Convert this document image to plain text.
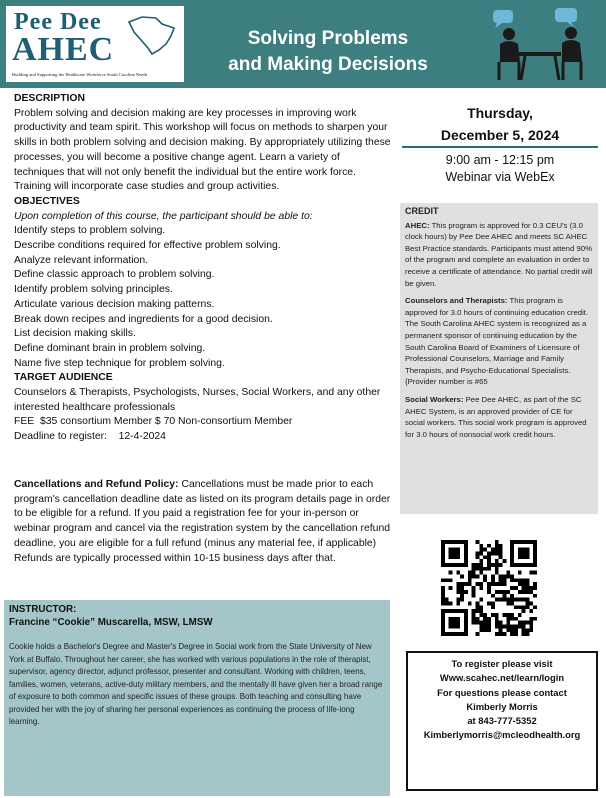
Pee Dee
AHEC
Building and Supporting the Healthcare Workforce South Carolina Needs
Solving Problems
and Making Decisions
DESCRIPTION

Problem solving and decision making are key processes in improving work productivity and team spirit. This workshop will focus on methods to sharpen your skills in both problem solving and decision making. By appropriately utilizing these processes, you will become a positive change agent. Learn a variety of techniques that will not only benefit the individual but the entire work force. Training will incorporate case studies and group activities.

OBJECTIVES
Upon completion of this course, the participant should be able to:
Identify steps to problem solving.
Describe conditions required for effective problem solving.
Analyze relevant information.
Define classic approach to problem solving.
Identify problem solving principles.
Articulate various decision making patterns.
Break down recipes and ingredients for a good decision.
List decision making skills.
Define dominant brain in problem solving.
Name five step technique for problem solving.
TARGET AUDIENCE
Counselors & Therapists, Psychologists, Nurses, Social Workers, and any other interested healthcare professionals
FEE $35 consortium Member $ 70 Non-consortium Member
Deadline to register: 12-4-2024
Cancellations and Refund Policy: Cancellations must be made prior to each program's cancellation deadline date as listed on its program details page in order to be eligible for a refund. If you paid a registration fee for your in-person or webinar program and cancel via the registration system by the cancellation refund deadline, you are eligible for a full refund (minus any material fee, if applicable) Refunds are typically processed within 10-15 business days after that.
INSTRUCTOR:
Francine “Cookie” Muscarella, MSW, LMSW
Cookie holds a Bachelor's Degree and Master's Degree in Social work from the State University of New York at Buffalo. Throughout her career, she has worked with various populations in the role of therapist, supervisor, agency director, adjunct professor, presenter and consultant. Working with children, teens, families, women, veterans, active-duty military members, and the mentally ill have given her a broad range of exposure to both common and specific issues of these groups. Both teaching and consulting have provided her with the joy of sharing her personal experiences as continuing the process of life-long learning.
Thursday,
December 5, 2024
9:00 am - 12:15 pm
Webinar via WebEx
CREDIT

AHEC: This program is approved for 0.3 CEU's (3.0 clock hours) by Pee Dee AHEC and meets SC AHEC Best Practice standards. Participants must attend 90% of the program and complete an evaluation in order to receive a certificate of attendance. No partial credit will be given.

Counselors and Therapists: This program is approved for 3.0 hours of continuing education credit. The South Carolina AHEC system is recognized as a permanent sponsor of continuing education by the South Carolina Board of Examiners of Licensure of Professional Counselors, Marriage and Family Therapists, and Psycho-Educational Specialists. {Provider number is #65

Social Workers: Pee Dee AHEC, as part of the SC AHEC System, is an approved provider of CE for social workers. This social work program is approved for 3.0 hours of nonsocial work credit hours.

To register please visit
Www.scahec.net/learn/login
For questions please contact
Kimberly Morris
at 843-777-5352
Kimberlymorris@mcleodhealth.org
